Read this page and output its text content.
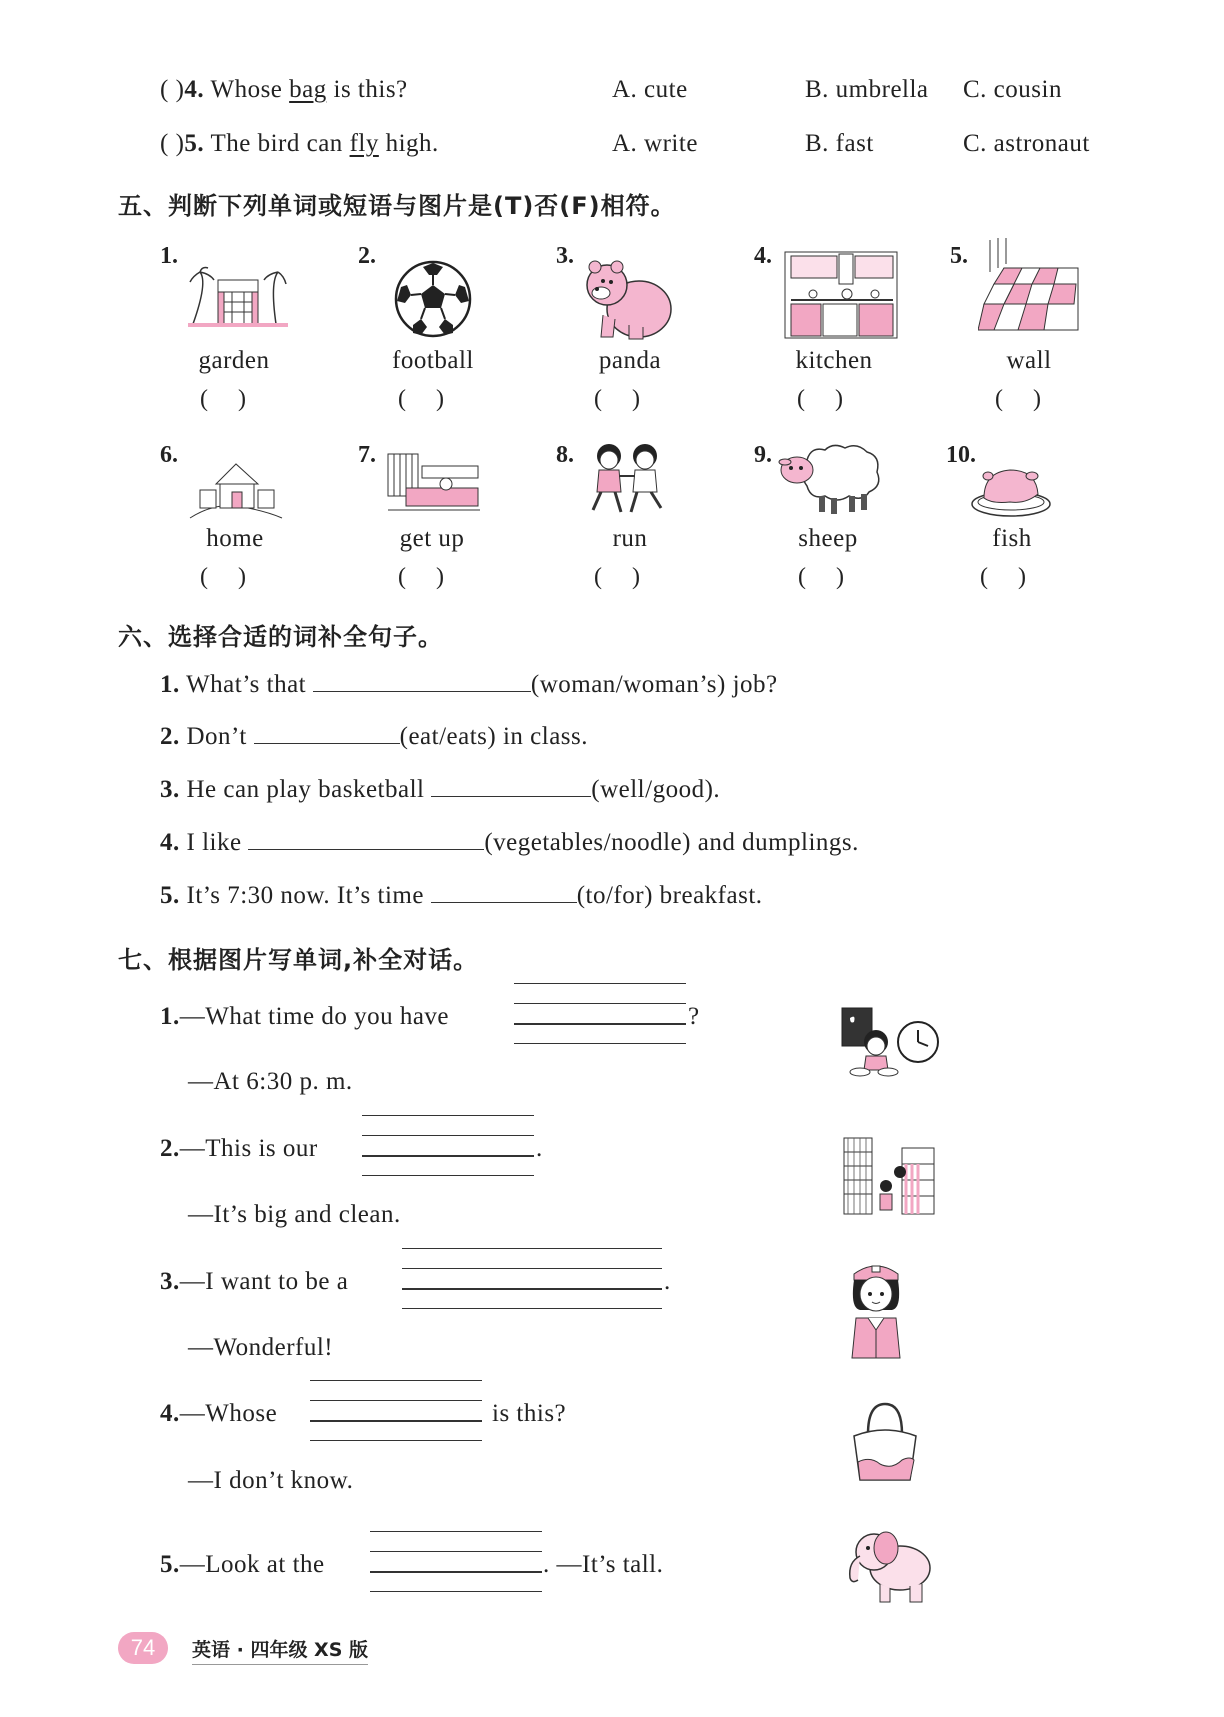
( )4. Whose bag is this?	A. cute	B. umbrella C. cousin
( )5. The bird can fly high.	A. write	B. fast	C. astronaut
五、判断下列单词或短语与图片是(T)否(F)相符。
1.
garden
()
2.
football
()
3.
panda
()
4.
kitchen
()
5.
wall
()
6.
home
()
7.
get up
()
8.
run
()
9.
sheep
()
10.
fish
()
六、选择合适的词补全句子。
1. What’s that	(woman/woman’s) job?
2. Don’t	(eat/eats) in class.
3. He can play basketball	(well/good).
4. I like	(vegetables/noodle) and dumplings.
5. It’s 7:30 now. It’s time	(to/for) breakfast.
七、根据图片写单词,补全对话。
1.—What time do you have	?
—At 6:30 p. m.
2.—This is our	.
—It’s big and clean.
3.—I want to be a	.
—Wonderful!
4.—Whose	is this?
—I don’t know.
5.—Look at the	. —It’s tall.
74	英语 · 四年级 XS 版
